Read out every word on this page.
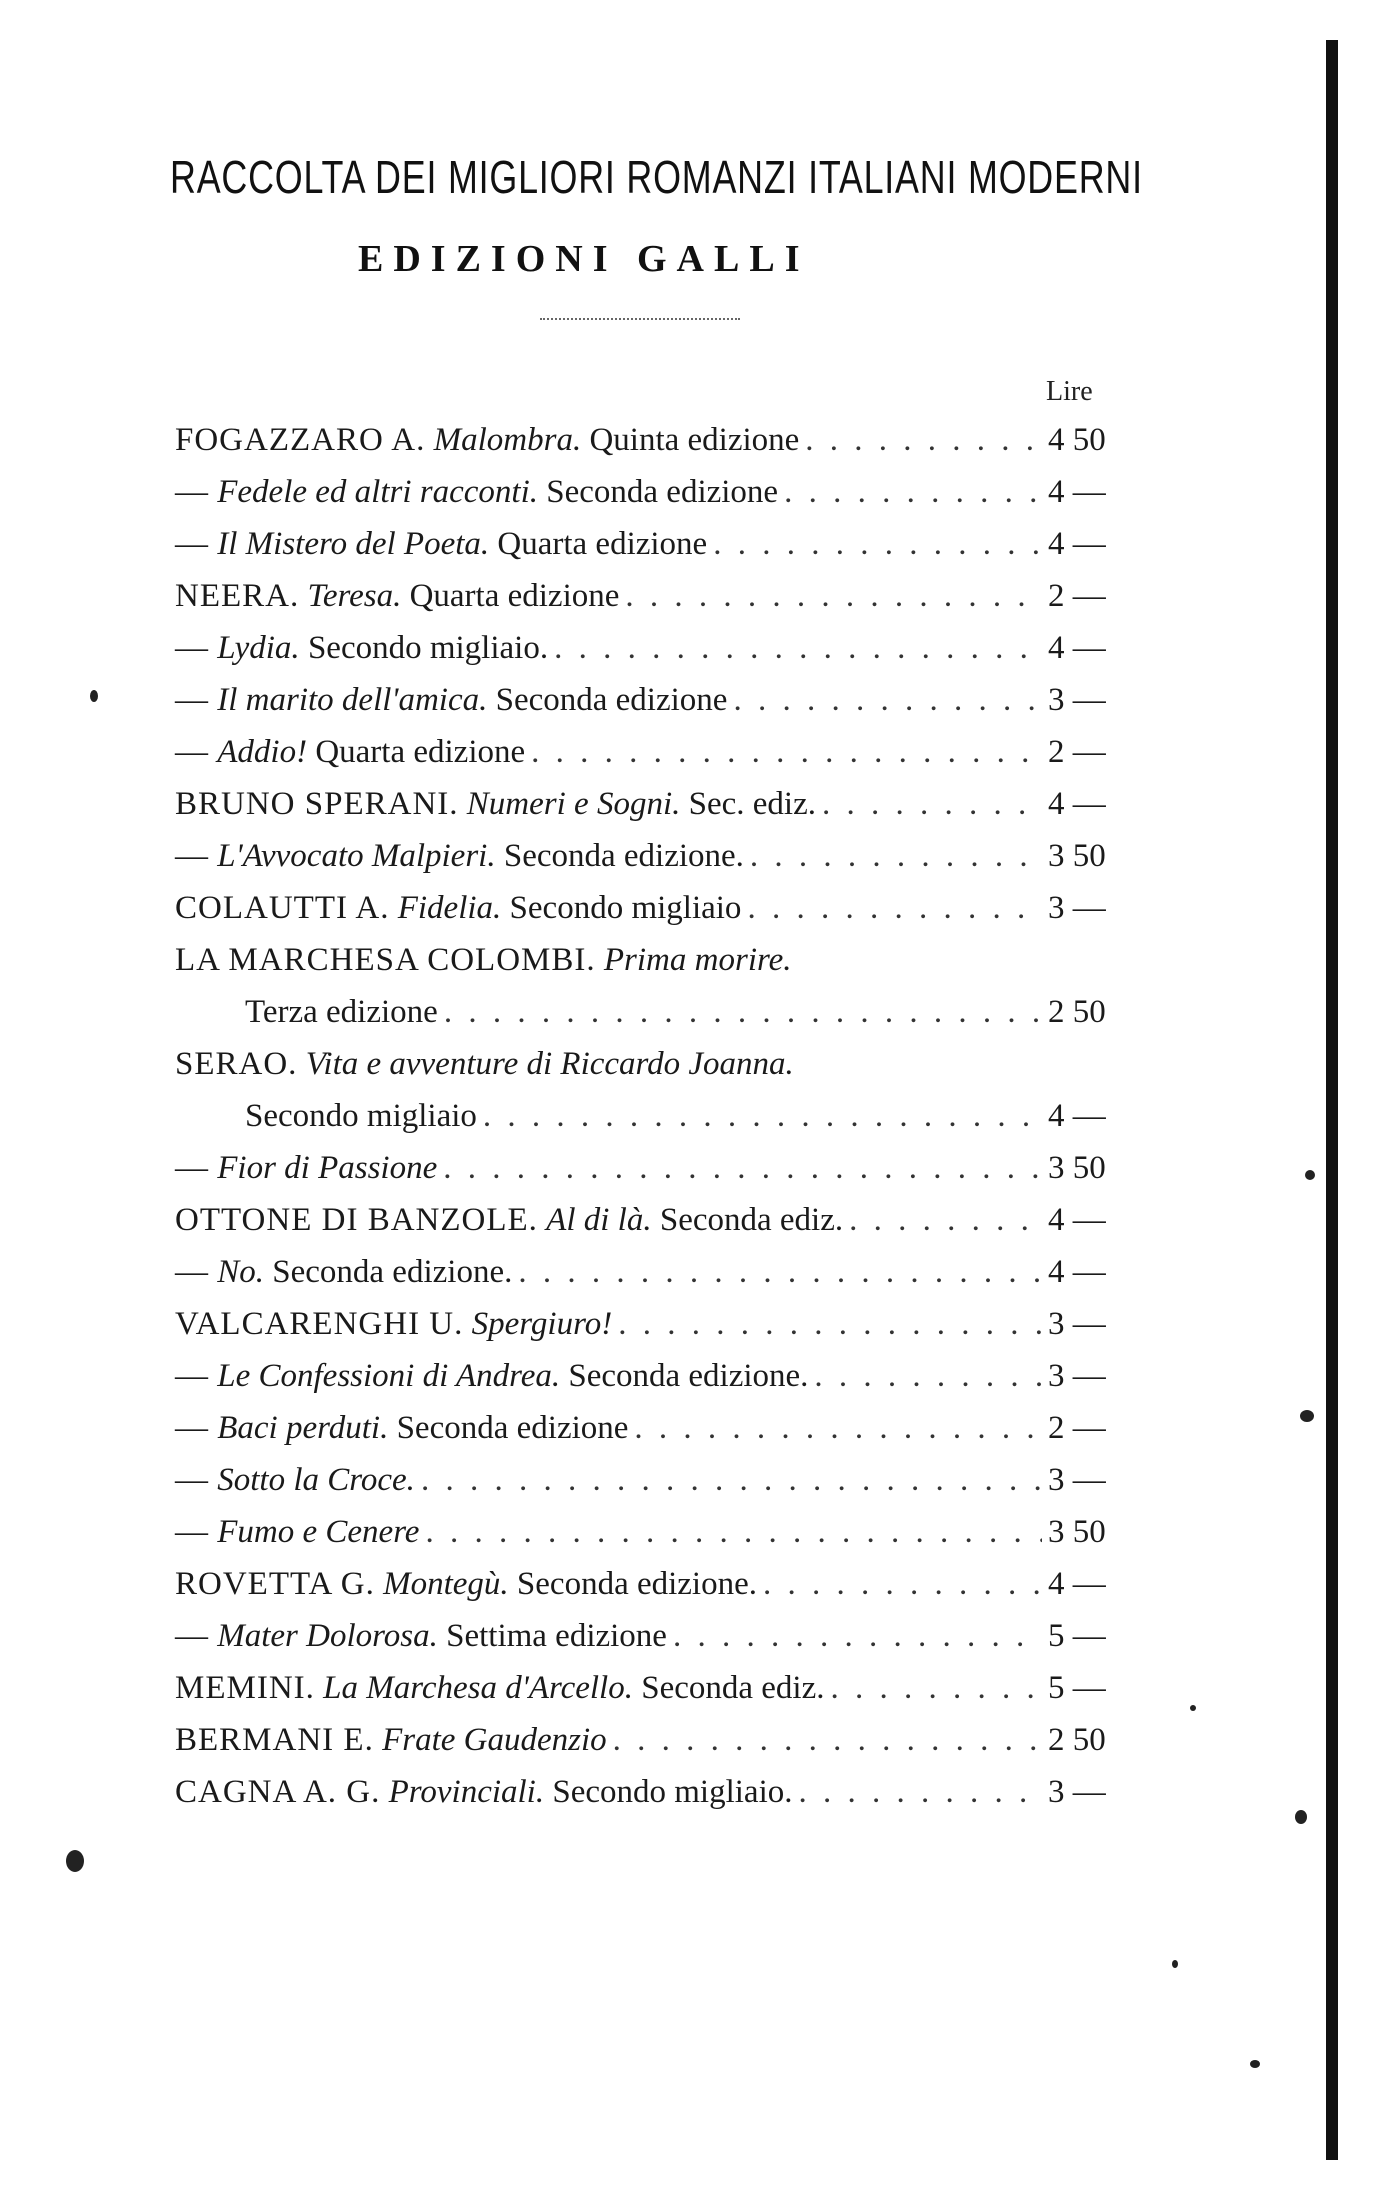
RACCOLTA DEI MIGLIORI ROMANZI ITALIANI MODERNI
EDIZIONI GALLI
Lire
FOGAZZARO A. Malombra. Quinta edizione . . .	4 50
— Fedele ed altri racconti. Seconda edizione . . .	4 —
— Il Mistero del Poeta. Quarta edizione . . .	4 —
NEERA. Teresa. Quarta edizione . . .	2 —
— Lydia. Secondo migliaio. . . .	4 —
— Il marito dell'amica. Seconda edizione . . .	3 —
— Addio! Quarta edizione . . .	2 —
BRUNO SPERANI. Numeri e Sogni. Sec. ediz. . . .	4 —
— L'Avvocato Malpieri. Seconda edizione. . . .	3 50
COLAUTTI A. Fidelia. Secondo migliaio . . .	3 —
LA MARCHESA COLOMBI. Prima morire.
Terza edizione . . .	2 50
SERAO. Vita e avventure di Riccardo Joanna.
Secondo migliaio . . .	4 —
— Fior di Passione . . .	3 50
OTTONE DI BANZOLE. Al di là. Seconda ediz. . . .	4 —
— No. Seconda edizione. . . .	4 —
VALCARENGHI U. Spergiuro! . . .	3 —
— Le Confessioni di Andrea. Seconda edizione. . . .	3 —
— Baci perduti. Seconda edizione . . .	2 —
— Sotto la Croce. . . .	3 —
— Fumo e Cenere . . .	3 50
ROVETTA G. Montegù. Seconda edizione. . . .	4 —
— Mater Dolorosa. Settima edizione . . .	5 —
MEMINI. La Marchesa d'Arcello. Seconda ediz. . . .	5 —
BERMANI E. Frate Gaudenzio . . .	2 50
CAGNA A. G. Provinciali. Secondo migliaio. . . .	3 —
